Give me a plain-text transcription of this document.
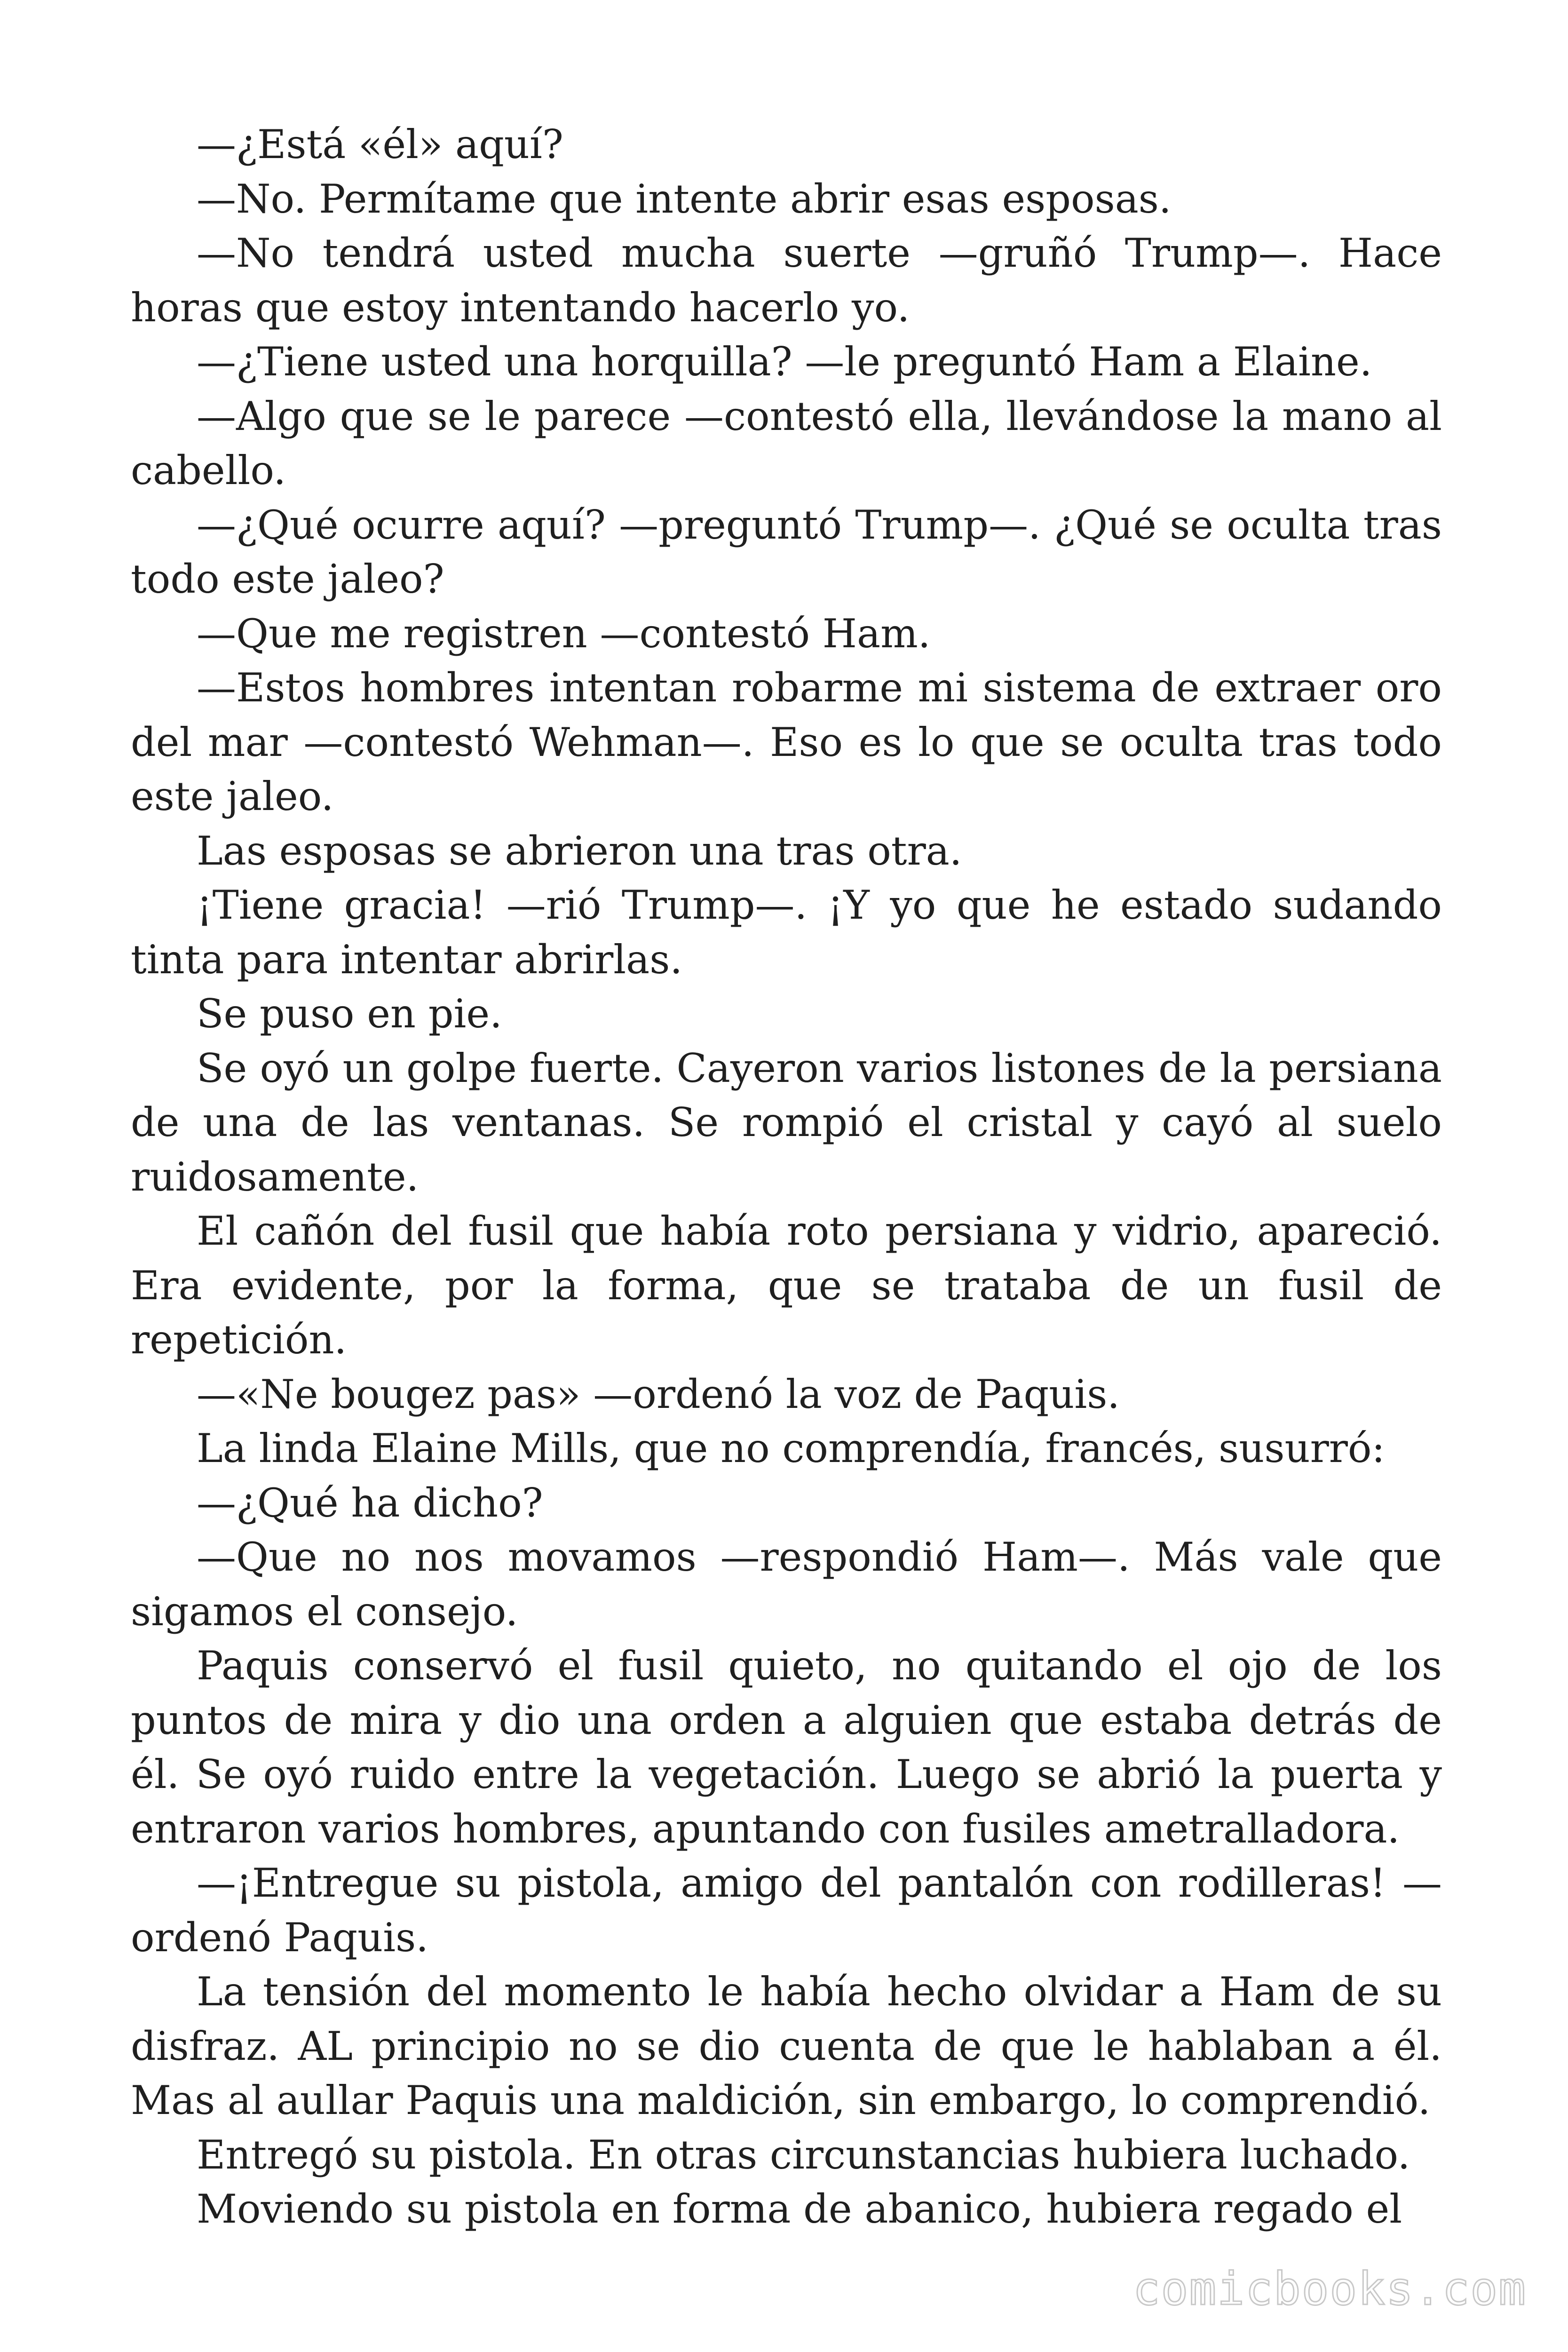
—¿Está «él» aquí?

—No. Permítame que intente abrir esas esposas.

—No tendrá usted mucha suerte —gruñó Trump—. Hace horas que estoy intentando hacerlo yo.

—¿Tiene usted una horquilla? —le preguntó Ham a Elaine.

—Algo que se le parece —contestó ella, llevándose la mano al cabello.

—¿Qué ocurre aquí? —preguntó Trump—. ¿Qué se oculta tras todo este jaleo?

—Que me registren —contestó Ham.

—Estos hombres intentan robarme mi sistema de extraer oro del mar —contestó Wehman—. Eso es lo que se oculta tras todo este jaleo.

Las esposas se abrieron una tras otra.

¡Tiene gracia! —rió Trump—. ¡Y yo que he estado sudando tinta para intentar abrirlas.

Se puso en pie.

Se oyó un golpe fuerte. Cayeron varios listones de la persiana de una de las ventanas. Se rompió el cristal y cayó al suelo ruidosamente.

El cañón del fusil que había roto persiana y vidrio, apareció. Era evidente, por la forma, que se trataba de un fusil de repetición.

—«Ne bougez pas» —ordenó la voz de Paquis.

La linda Elaine Mills, que no comprendía, francés, susurró:

—¿Qué ha dicho?

—Que no nos movamos —respondió Ham—. Más vale que sigamos el consejo.

Paquis conservó el fusil quieto, no quitando el ojo de los puntos de mira y dio una orden a alguien que estaba detrás de él. Se oyó ruido entre la vegetación. Luego se abrió la puerta y entraron varios hombres, apuntando con fusiles ametralladora.

—¡Entregue su pistola, amigo del pantalón con rodilleras! —ordenó Paquis.

La tensión del momento le había hecho olvidar a Ham de su disfraz. AL principio no se dio cuenta de que le hablaban a él. Mas al aullar Paquis una maldición, sin embargo, lo comprendió.

Entregó su pistola. En otras circunstancias hubiera luchado.

Moviendo su pistola en forma de abanico, hubiera regado el

comicbooks.com
